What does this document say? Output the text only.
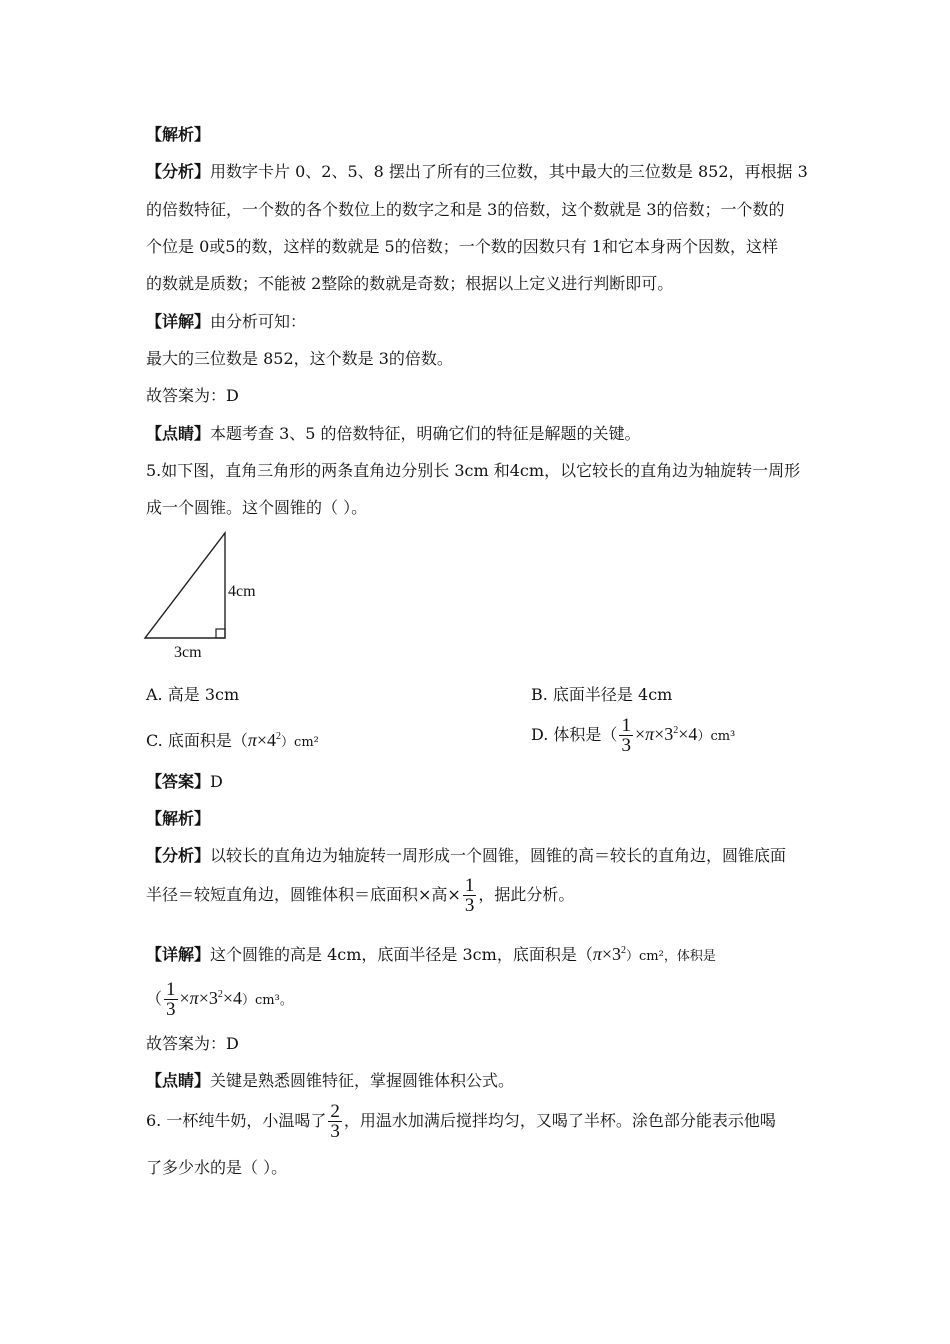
【解析】
【分析】用数字卡片 0、2、5、8 摆出了所有的三位数，其中最大的三位数是 852，再根据 3
的倍数特征，一个数的各个数位上的数字之和是 3的倍数，这个数就是 3的倍数；一个数的
个位是 0或5的数，这样的数就是 5的倍数；一个数的因数只有 1和它本身两个因数，这样
的数就是质数；不能被 2整除的数就是奇数；根据以上定义进行判断即可。
【详解】由分析可知：
最大的三位数是 852，这个数是 3的倍数。
故答案为：D
【点睛】本题考查 3、5 的倍数特征，明确它们的特征是解题的关键。
5.如下图，直角三角形的两条直角边分别长 3cm 和4cm，以它较长的直角边为轴旋转一周形
成一个圆锥。这个圆锥的（ ）。
4cm
3cm
A. 高是 3cm	B. 底面半径是 4cm
C. 底面积是$(\pi\times 4^2)cm^2$	D. 体积是（ $\frac{1}{3} \times\pi\times 3^2\times 4)cm^3$
【答案】D
【解析】
【分析】以较长的直角边为轴旋转一周形成一个圆锥，圆锥的高＝较长的直角边，圆锥底面
半径＝较短直角边，圆锥体积＝底面积×高× $\frac{1}{3}$ ，据此分析。
【详解】这个圆锥的高是 4cm，底面半径是 3cm，底面积是$(\pi\times 3^2)cm^2$，体积是
（ $\frac{1}{3} \times\pi\times 3^2\times 4)cm^3$。
故答案为：D
【点睛】关键是熟悉圆锥特征，掌握圆锥体积公式。
6. 一杯纯牛奶，小温喝了 $\frac{2}{3}$ ，用温水加满后搅拌均匀，又喝了半杯。涂色部分能表示他喝
了多少水的是（ ）。
